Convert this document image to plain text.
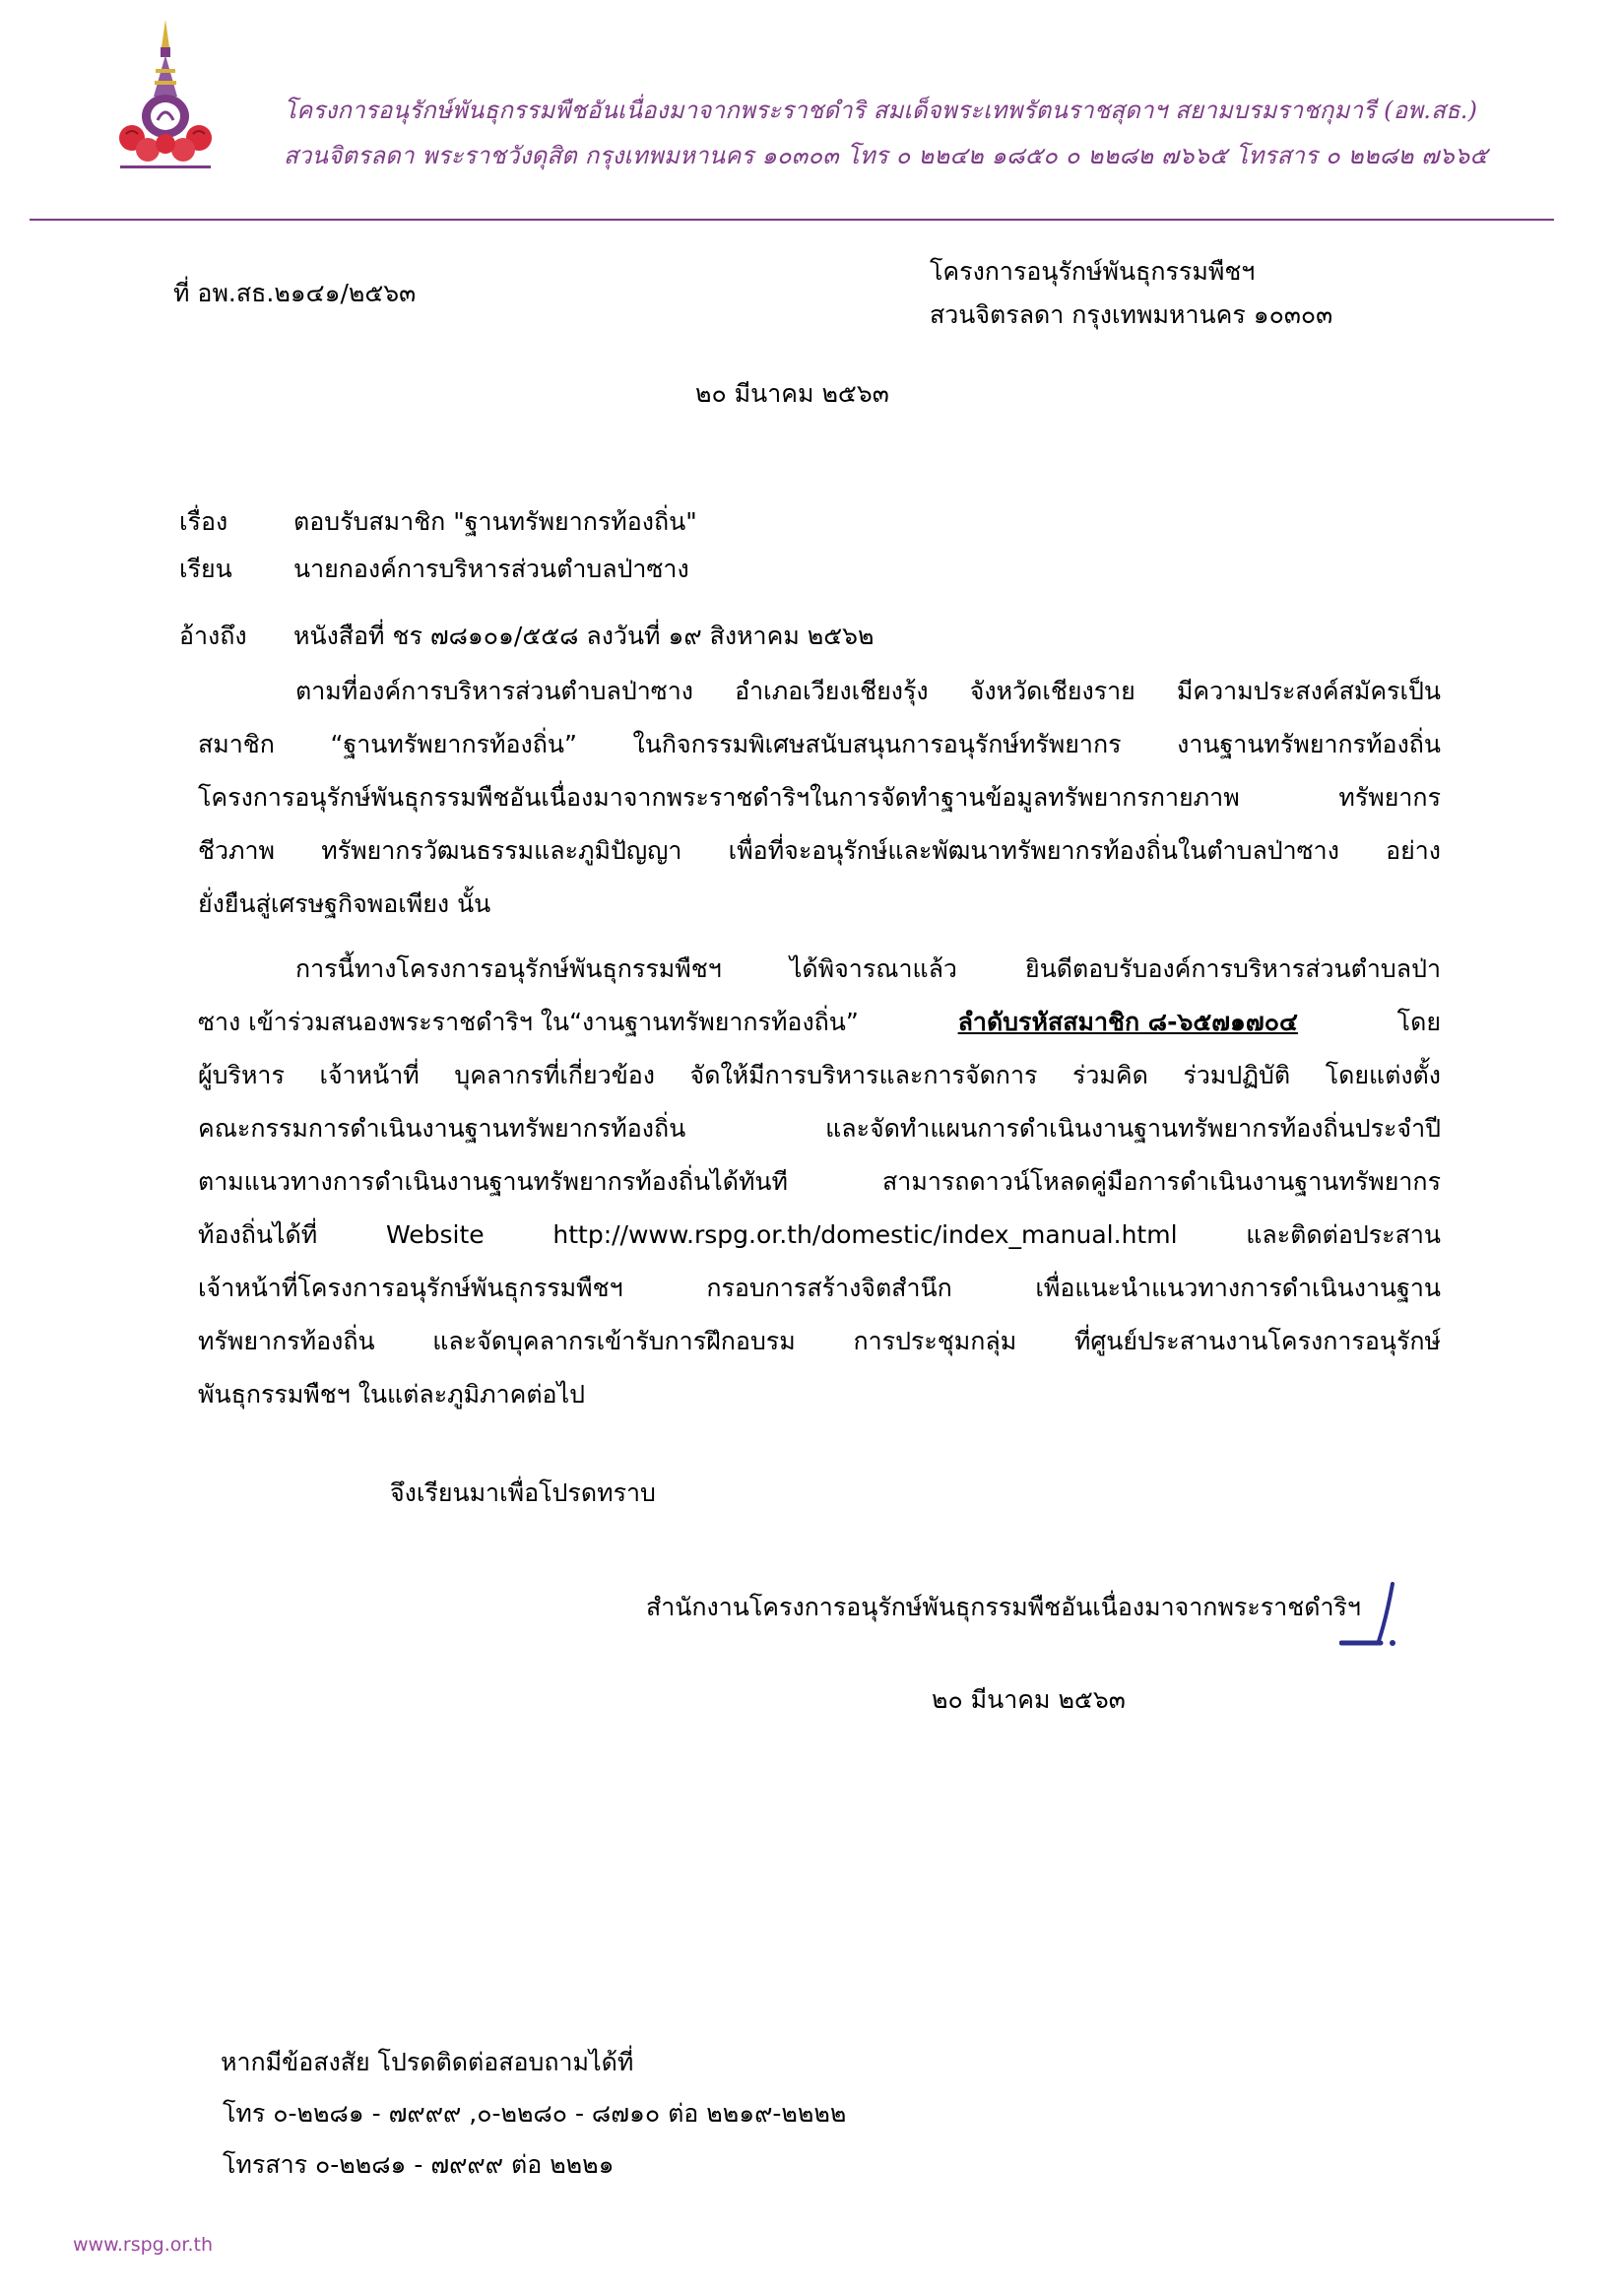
โครงการอนุรักษ์พันธุกรรมพืชอันเนื่องมาจากพระราชดำริ สมเด็จพระเทพรัตนราชสุดาฯ สยามบรมราชกุมารี (อพ.สธ.)
สวนจิตรลดา พระราชวังดุสิต กรุงเทพมหานคร ๑๐๓๐๓ โทร ๐ ๒๒๔๒ ๑๘๕๐ ๐ ๒๒๘๒ ๗๖๖๕ โทรสาร ๐ ๒๒๘๒ ๗๖๖๕
ที่ อพ.สธ.๒๑๔๑/๒๕๖๓
โครงการอนุรักษ์พันธุกรรมพืชฯ
สวนจิตรลดา กรุงเทพมหานคร ๑๐๓๐๓
๒๐ มีนาคม ๒๕๖๓
เรื่อง	ตอบรับสมาชิก "ฐานทรัพยากรท้องถิ่น"
เรียน นายกองค์การบริหารส่วนตำบลป่าซาง
อ้างถึง หนังสือที่ ชร ๗๘๑๐๑/๕๕๘ ลงวันที่ ๑๙ สิงหาคม ๒๕๖๒
ตามที่องค์การบริหารส่วนตำบลป่าซาง อำเภอเวียงเชียงรุ้ง จังหวัดเชียงราย มีความประสงค์สมัครเป็น
สมาชิก “ฐานทรัพยากรท้องถิ่น” ในกิจกรรมพิเศษสนับสนุนการอนุรักษ์ทรัพยากร งานฐานทรัพยากรท้องถิ่น
โครงการอนุรักษ์พันธุกรรมพืชอันเนื่องมาจากพระราชดำริฯในการจัดทำฐานข้อมูลทรัพยากรกายภาพ ทรัพยากร
ชีวภาพ ทรัพยากรวัฒนธรรมและภูมิปัญญา เพื่อที่จะอนุรักษ์และพัฒนาทรัพยากรท้องถิ่นในตำบลป่าซาง อย่าง
ยั่งยืนสู่เศรษฐกิจพอเพียง นั้น
การนี้ทางโครงการอนุรักษ์พันธุกรรมพืชฯ ได้พิจารณาแล้ว ยินดีตอบรับองค์การบริหารส่วนตำบลป่า
ซาง เข้าร่วมสนองพระราชดำริฯ ใน“งานฐานทรัพยากรท้องถิ่น”	ลำดับรหัสสมาชิก ๘-๖๕๗๑๗๐๔	โดย
ผู้บริหาร เจ้าหน้าที่ บุคลากรที่เกี่ยวข้อง จัดให้มีการบริหารและการจัดการ ร่วมคิด ร่วมปฏิบัติ โดยแต่งตั้ง
คณะกรรมการดำเนินงานฐานทรัพยากรท้องถิ่น และจัดทำแผนการดำเนินงานฐานทรัพยากรท้องถิ่นประจำปี
ตามแนวทางการดำเนินงานฐานทรัพยากรท้องถิ่นได้ทันที สามารถดาวน์โหลดคู่มือการดำเนินงานฐานทรัพยากร
ท้องถิ่นได้ที่	Website	http://www.rspg.or.th/domestic/index_manual.html	และติดต่อประสาน
เจ้าหน้าที่โครงการอนุรักษ์พันธุกรรมพืชฯ กรอบการสร้างจิตสำนึก เพื่อแนะนำแนวทางการดำเนินงานฐาน
ทรัพยากรท้องถิ่น และจัดบุคลากรเข้ารับการฝึกอบรม การประชุมกลุ่ม ที่ศูนย์ประสานงานโครงการอนุรักษ์
พันธุกรรมพืชฯ ในแต่ละภูมิภาคต่อไป
จึงเรียนมาเพื่อโปรดทราบ
สำนักงานโครงการอนุรักษ์พันธุกรรมพืชอันเนื่องมาจากพระราชดำริฯ
๒๐ มีนาคม ๒๕๖๓
หากมีข้อสงสัย โปรดติดต่อสอบถามได้ที่
โทร ๐-๒๒๘๑ - ๗๙๙๙ ,๐-๒๒๘๐ - ๘๗๑๐ ต่อ ๒๒๑๙-๒๒๒๒
โทรสาร ๐-๒๒๘๑ - ๗๙๙๙ ต่อ ๒๒๒๑
www.rspg.or.th
